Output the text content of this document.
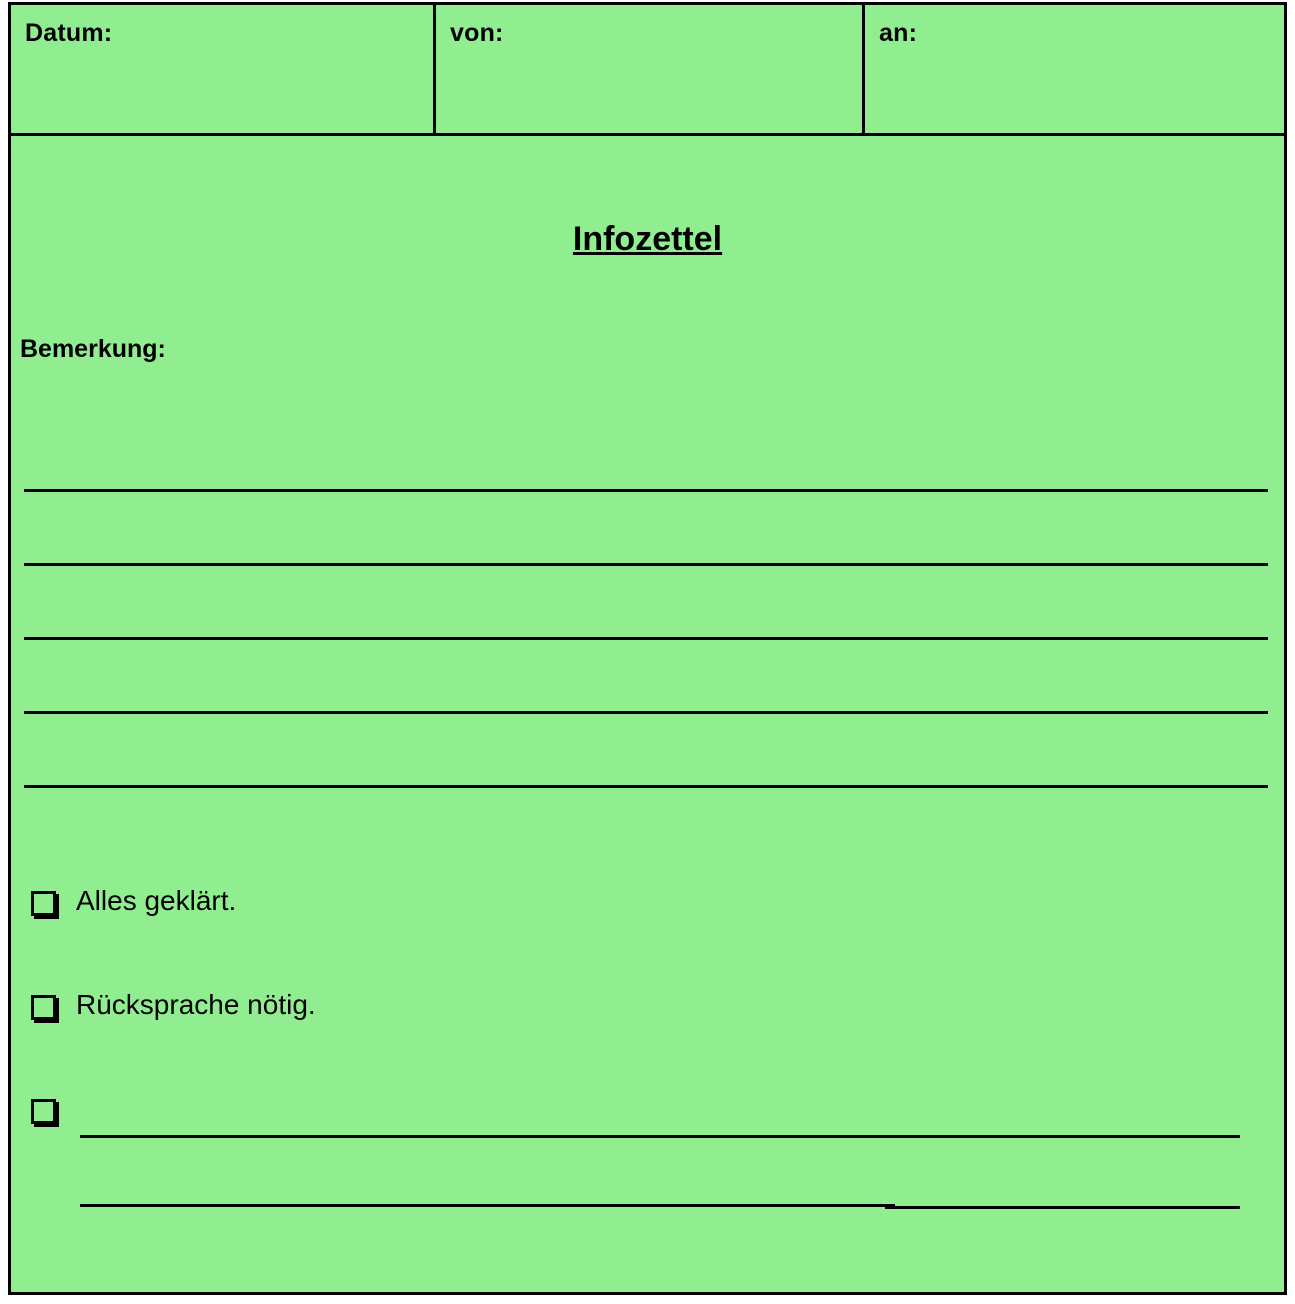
Datum:	von:	an:
Infozettel
Bemerkung:
Alles geklärt.
Rücksprache nötig.
